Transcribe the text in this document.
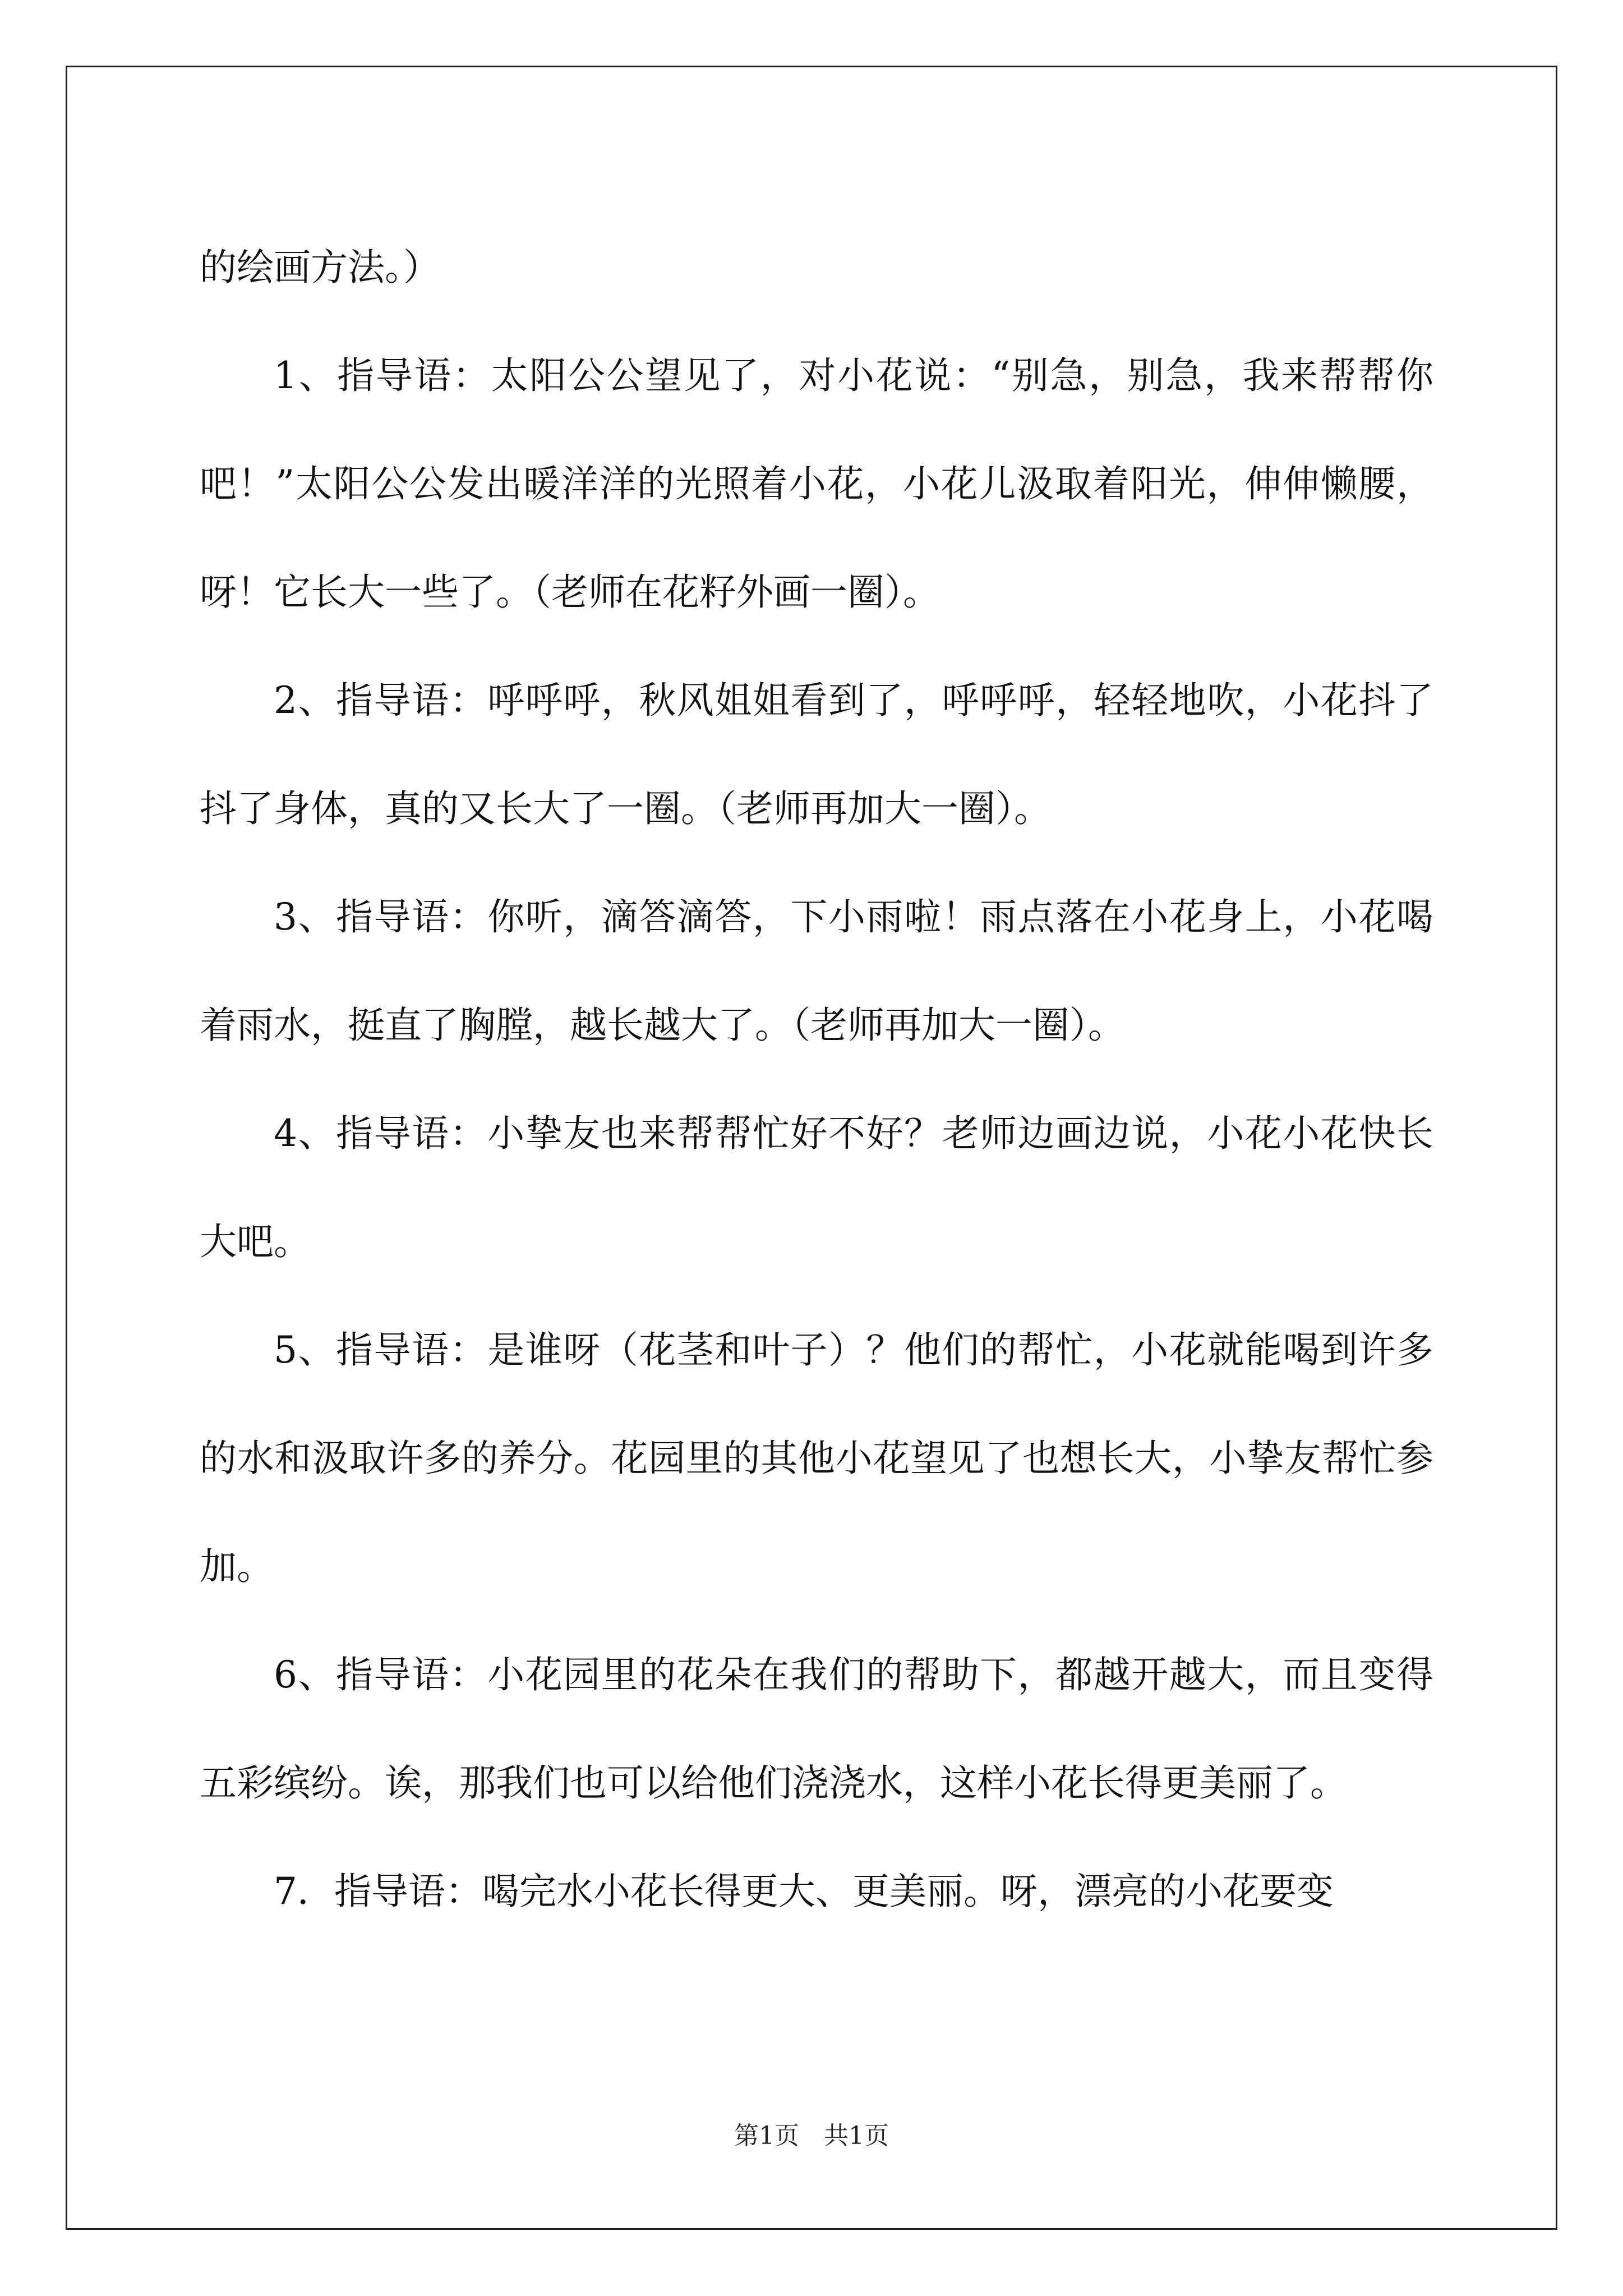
的绘画方法。）

1、指导语：太阳公公望见了，对小花说：“别急，别急，我来帮帮你吧！”太阳公公发出暖洋洋的光照着小花，小花儿汲取着阳光，伸伸懒腰，呀！它长大一些了。（老师在花籽外画一圈）。

2、指导语：呼呼呼，秋风姐姐看到了，呼呼呼，轻轻地吹，小花抖了抖了身体，真的又长大了一圈。（老师再加大一圈）。

3、指导语：你听，滴答滴答，下小雨啦！雨点落在小花身上，小花喝着雨水，挺直了胸膛，越长越大了。（老师再加大一圈）。

4、指导语：小挚友也来帮帮忙好不好？老师边画边说，小花小花快长大吧。

5、指导语：是谁呀（花茎和叶子）？他们的帮忙，小花就能喝到许多的水和汲取许多的养分。花园里的其他小花望见了也想长大，小挚友帮忙参加。

6、指导语：小花园里的花朵在我们的帮助下，都越开越大，而且变得五彩缤纷。诶，那我们也可以给他们浇浇水，这样小花长得更美丽了。

7．指导语：喝完水小花长得更大、更美丽。呀，漂亮的小花要变

第1页　共1页
